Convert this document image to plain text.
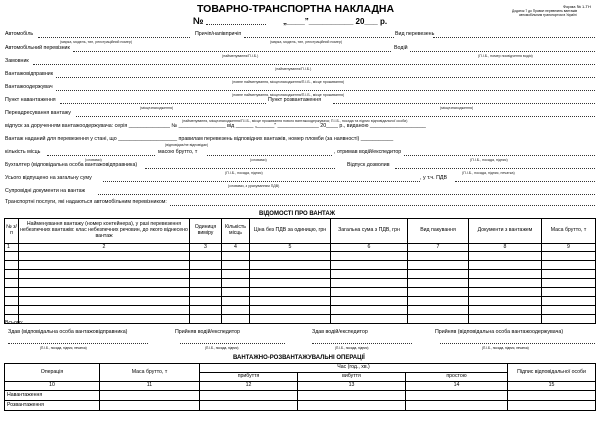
Форма № 1-ТН
Додаток 7 до Правил перевезень вантажів
автомобільним транспортом в Україні
ТОВАРНО-ТРАНСПОРТНА НАКЛАДНА
№	„____”__________ 20___ р.
Автомобіль
(марка, модель, тип, реєстраційний номер)
Причіп/напівпричіп
(марка, модель, тип, реєстраційний номер)
Вид перевезень
Автомобільний перевізник
(найменування/П.І.Б.)
Водій
(П.І.Б., номер посвідчення водія)
Замовник
(найменування/П.І.Б.)
Вантажовідправник
(повне найменування, місцезнаходження/П.І.Б., місце проживання)
Вантажоодержувач
(повне найменування, місцезнаходження/П.І.Б., місце проживання)
Пункт навантаження
(місцезнаходження)
Пункт розвантаження
(місцезнаходження)
Переадресування вантажу
(найменування, місцезнаходження/П.І.Б., місце проживання нового вантажоодержувача; П.І.Б., посада та підпис відповідальної особи)
відпуск за дорученням вантажоодержувача: серія ______________ № ________________ від ______ „______” ______________ 20____ р., виданою ___________________
Вантаж наданий для перевезення у стані, що ____________________ правилам перевезень відповідних вантажів, номер пломби (за наявності) ___________
(відповідає/не відповідає)
кількість місць
(словами)
масою брутто, т
(словами)
, отримав водій/експедитор
(П.І.Б., посада, підпис)
Бухгалтер (відповідальна особа вантажовідправника)
(П.І.Б., посада, підпис)
Відпуск дозволив
(П.І.Б., посада, підпис, печатка)
Усього відпущено на загальну суму
(словами, з урахуванням ПДВ)
, у т.ч. ПДВ
Супровідні документи на вантаж
Транспортні послуги, які надаються автомобільним перевізником:
ВІДОМОСТІ ПРО ВАНТАЖ
№ з/п	Найменування вантажу (номер контейнера), у разі перевезення небезпечних вантажів: клас небезпечних речовин, до якого віднесено вантаж	Одиниця виміру	Кількість місць	Ціна без ПДВ за одиницю, грн	Загальна сума з ПДВ, грн	Вид пакування	Документи з вантажем	Маса брутто, т
1	2	3	4	5	6	7	8	9

Всього:
Здав (відповідальна особа вантажовідправника)
(П.І.Б., посада, підпис, печатка)
Прийняв водій/експедитор
(П.І.Б., посада, підпис)
Здав водій/експедитор
(П.І.Б., посада, підпис)
Прийняв (відповідальна особа вантажоодержувача)
(П.І.Б., посада, підпис, печатка)
ВАНТАЖНО-РОЗВАНТАЖУВАЛЬНІ ОПЕРАЦІЇ
Операція	Маса брутто, т	Час (год., хв.)			Підпис відповідальної особи
		прибуття	вибуття	простою	
10	11	12	13	14	15
Навантаження					
Розвантаження					
